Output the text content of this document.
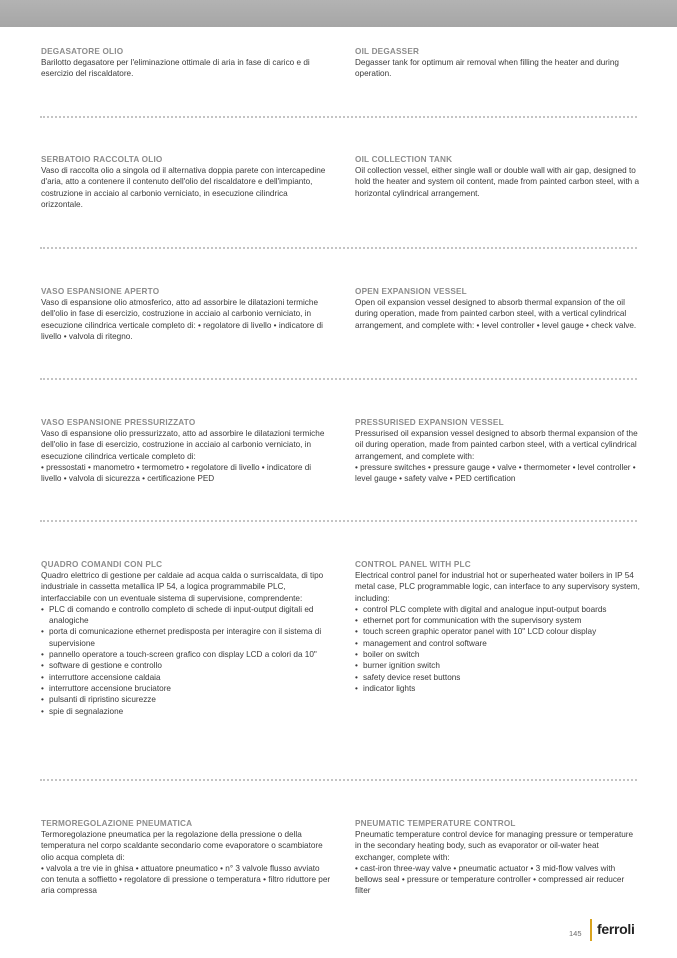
DEGASATORE OLIO

Barilotto degasatore per l'eliminazione ottimale di aria in fase di carico e di esercizio del riscaldatore.

OIL DEGASSER

Degasser tank for optimum air removal when filling the heater and during operation.

SERBATOIO RACCOLTA OLIO

Vaso di raccolta olio a singola od il alternativa doppia parete con intercapedine d'aria, atto a contenere il contenuto dell'olio del riscaldatore e dell'impianto, costruzione in acciaio al carbonio verniciato, in esecuzione cilindrica orizzontale.

OIL COLLECTION TANK

Oil collection vessel, either single wall or double wall with air gap, designed to hold the heater and system oil content, made from painted carbon steel, with a horizontal cylindrical arrangement.

VASO ESPANSIONE APERTO

Vaso di espansione olio atmosferico, atto ad assorbire le dilatazioni termiche dell'olio in fase di esercizio, costruzione in acciaio al carbonio verniciato, in esecuzione cilindrica verticale completo di: • regolatore di livello • indicatore di livello • valvola di ritegno.

OPEN EXPANSION VESSEL

Open oil expansion vessel designed to absorb thermal expansion of the oil during operation, made from painted carbon steel, with a vertical cylindrical arrangement, and complete with: • level controller • level gauge • check valve.

VASO ESPANSIONE PRESSURIZZATO

Vaso di espansione olio pressurizzato, atto ad assorbire le dilatazioni termiche dell'olio in fase di esercizio, costruzione in acciaio al carbonio verniciato, in esecuzione cilindrica verticale completo di:

• pressostati • manometro • termometro • regolatore di livello • indicatore di livello • valvola di sicurezza • certificazione PED

PRESSURISED EXPANSION VESSEL

Pressurised oil expansion vessel designed to absorb thermal expansion of the oil during operation, made from painted carbon steel, with a vertical cylindrical arrangement, and complete with:

• pressure switches • pressure gauge • valve • thermometer • level controller • level gauge • safety valve • PED certification

QUADRO COMANDI CON PLC

Quadro elettrico di gestione per caldaie ad acqua calda o surriscaldata, di tipo industriale in cassetta metallica IP 54, a logica programmabile PLC, interfacciabile con un eventuale sistema di supervisione, comprendente:

• PLC di comando e controllo completo di schede di input-output digitali ed analogiche
• porta di comunicazione ethernet predisposta per interagire con il sistema di supervisione
• pannello operatore a touch-screen grafico con display LCD a colori da 10"
• software di gestione e controllo
• interruttore accensione caldaia
• interruttore accensione bruciatore
• pulsanti di ripristino sicurezze
• spie di segnalazione

CONTROL PANEL WITH PLC

Electrical control panel for industrial hot or superheated water boilers in IP 54 metal case, PLC programmable logic, can interface to any supervisory system, including:

• control PLC complete with digital and analogue input-output boards
• ethernet port for communication with the supervisory system
• touch screen graphic operator panel with 10" LCD colour display
• management and control software
• boiler on switch
• burner ignition switch
• safety device reset buttons
• indicator lights

TERMOREGOLAZIONE PNEUMATICA

Termoregolazione pneumatica per la regolazione della pressione o della temperatura nel corpo scaldante secondario come evaporatore o scambiatore olio acqua completa di:

• valvola a tre vie in ghisa • attuatore pneumatico • n° 3 valvole flusso avviato con tenuta a soffietto • regolatore di pressione o temperatura • filtro riduttore per aria compressa

PNEUMATIC TEMPERATURE CONTROL

Pneumatic temperature control device for managing pressure or temperature in the secondary heating body, such as evaporator or oil-water heat exchanger, complete with:

• cast-iron three-way valve • pneumatic actuator • 3 mid-flow valves with bellows seal • pressure or temperature controller • compressed air reducer filter

145 ferroli
